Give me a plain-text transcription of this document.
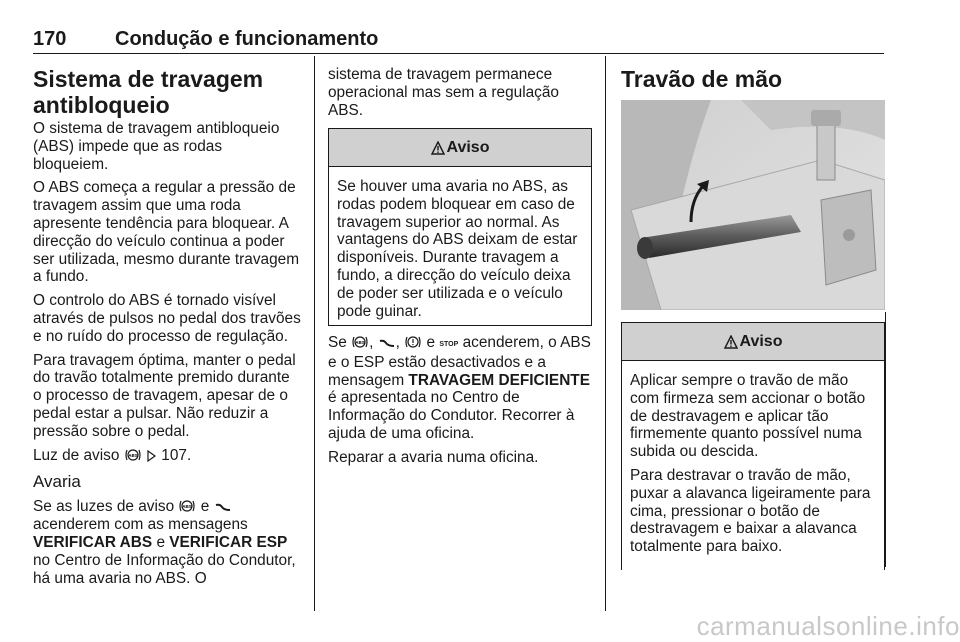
170 Condução e funcionamento
Sistema de travagem antibloqueio

O sistema de travagem antibloqueio (ABS) impede que as rodas bloqueiem.

O ABS começa a regular a pressão de travagem assim que uma roda apresente tendência para bloquear. A direcção do veículo continua a poder ser utilizada, mesmo durante travagem a fundo.

O controlo do ABS é tornado visível através de pulsos no pedal dos travões e no ruído do processo de regulação.

Para travagem óptima, manter o pedal do travão totalmente premido durante o processo de travagem, apesar de o pedal estar a pulsar. Não reduzir a pressão sobre o pedal.

Luz de aviso ABS 107.

Avaria

Se as luzes de aviso ABS e  acenderem com as mensagens VERIFICAR ABS e VERIFICAR ESP no Centro de Informação do Condutor, há uma avaria no ABS. O

sistema de travagem permanece operacional mas sem a regulação ABS.

Aviso

Se houver uma avaria no ABS, as rodas podem bloquear em caso de travagem superior ao normal. As vantagens do ABS deixam de estar disponíveis. Durante travagem a fundo, a direcção do veículo deixa de poder ser utilizada e o veículo pode guinar.

Se ABS , , e STOP acenderem, o ABS e o ESP estão desactivados e a mensagem TRAVAGEM DEFICIENTE é apresentada no Centro de Informação do Condutor. Recorrer à ajuda de uma oficina.

Reparar a avaria numa oficina.

Travão de mão
Aviso

Aplicar sempre o travão de mão com firmeza sem accionar o botão de destravagem e aplicar tão firmemente quanto possível numa subida ou descida.

Para destravar o travão de mão, puxar a alavanca ligeiramente para cima, pressionar o botão de destravagem e baixar a alavanca totalmente para baixo.

carmanualsonline.info
